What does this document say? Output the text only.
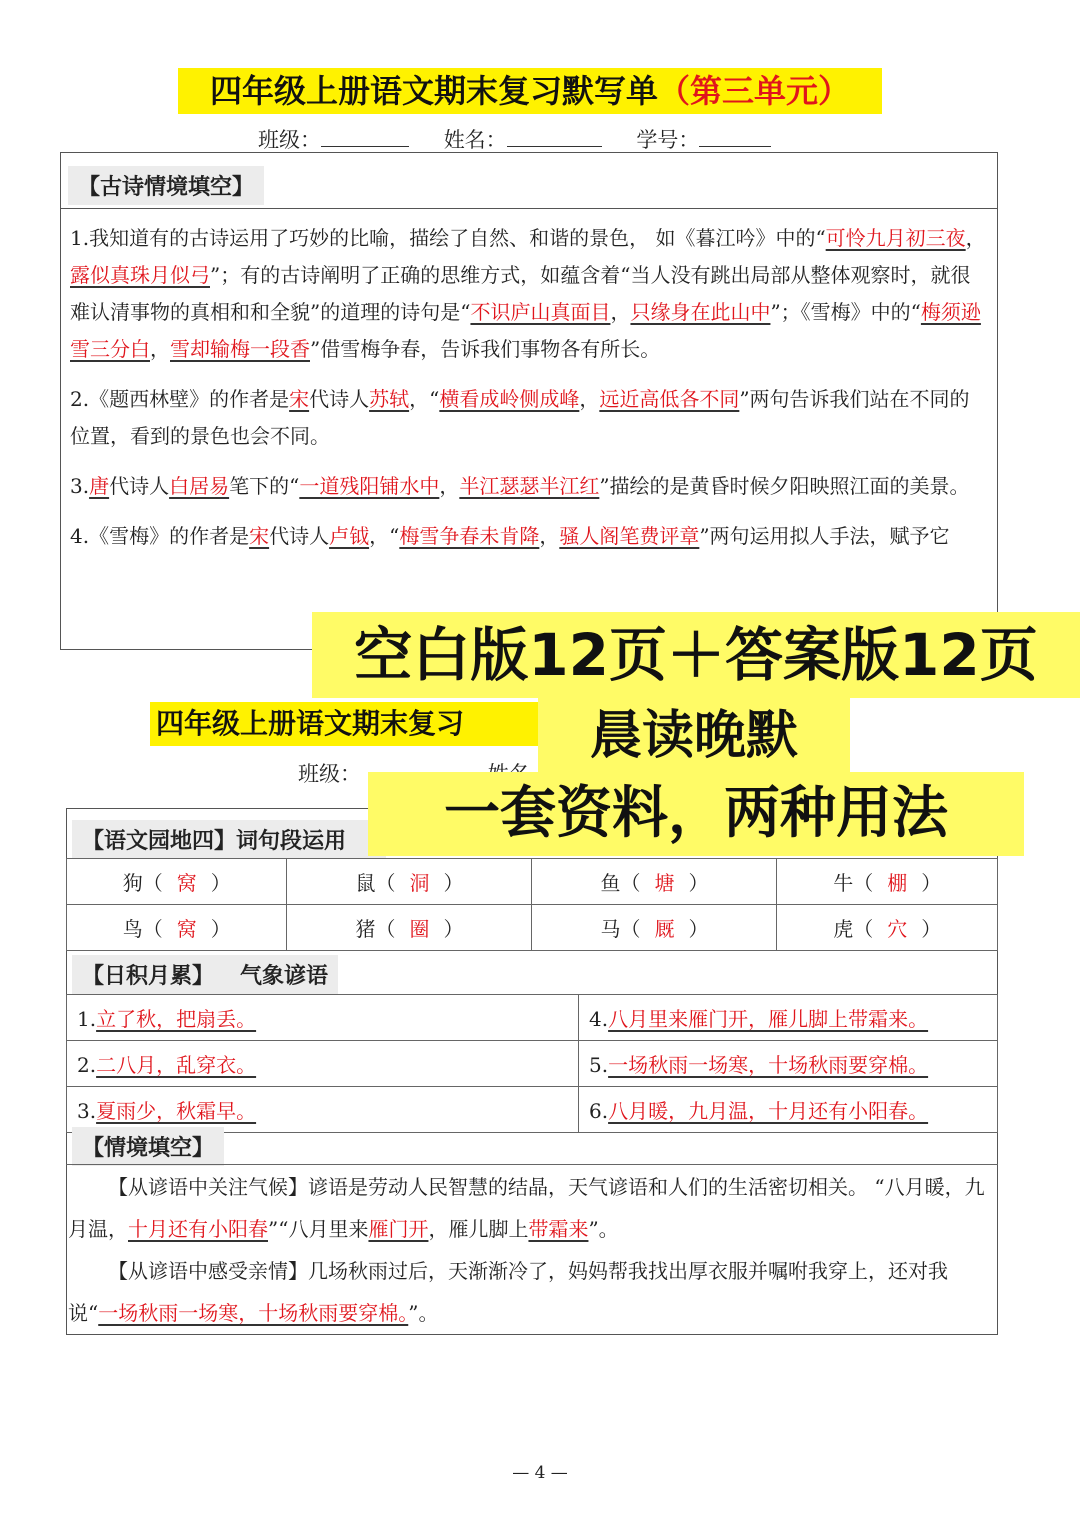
四年级上册语文期末复习默写单（第三单元）
班级：	姓名：	学号：
【古诗情境填空】

1.我知道有的古诗运用了巧妙的比喻，描绘了自然、和谐的景色， 如《暮江吟》中的“可怜九月初三夜，露似真珠月似弓”；有的古诗阐明了正确的思维方式，如蕴含着“当人没有跳出局部从整体观察时，就很难认清事物的真相和和全貌”的道理的诗句是“不识庐山真面目，只缘身在此山中”；《雪梅》中的“梅须逊雪三分白，雪却输梅一段香”借雪梅争春，告诉我们事物各有所长。

2.《题西林壁》的作者是宋代诗人苏轼，“横看成岭侧成峰，远近高低各不同”两句告诉我们站在不同的位置，看到的景色也会不同。

3.唐代诗人白居易笔下的“一道残阳铺水中，半江瑟瑟半江红”描绘的是黄昏时候夕阳映照江面的美景。

4.《雪梅》的作者是宋代诗人卢钺，“梅雪争春未肯降，骚人阁笔费评章”两句运用拟人手法，赋予它

四年级上册语文期末复习
班级：
【语文园地四】词句段运用
狗（ 窝 ）	鼠（ 洞 ）	鱼（ 塘 ）	牛（ 棚 ）
鸟（ 窝 ）	猪（ 圈 ）	马（ 厩 ）	虎（ 穴 ）
【日积月累】 气象谚语
1.立了秋，把扇丢。	4.八月里来雁门开，雁儿脚上带霜来。
2.二八月，乱穿衣。	5.一场秋雨一场寒，十场秋雨要穿棉。
3.夏雨少，秋霜早。	6.八月暖，九月温，十月还有小阳春。
【情境填空】

【从谚语中关注气候】谚语是劳动人民智慧的结晶，天气谚语和人们的生活密切相关。 “八月暖，九月温，十月还有小阳春”“八月里来雁门开，雁儿脚上带霜来”。

【从谚语中感受亲情】几场秋雨过后，天渐渐冷了，妈妈帮我找出厚衣服并嘱咐我穿上，还对我说“一场秋雨一场寒，十场秋雨要穿棉。”。

— 4 —
空白版12页＋答案版12页
晨读晚默
一套资料，两种用法
